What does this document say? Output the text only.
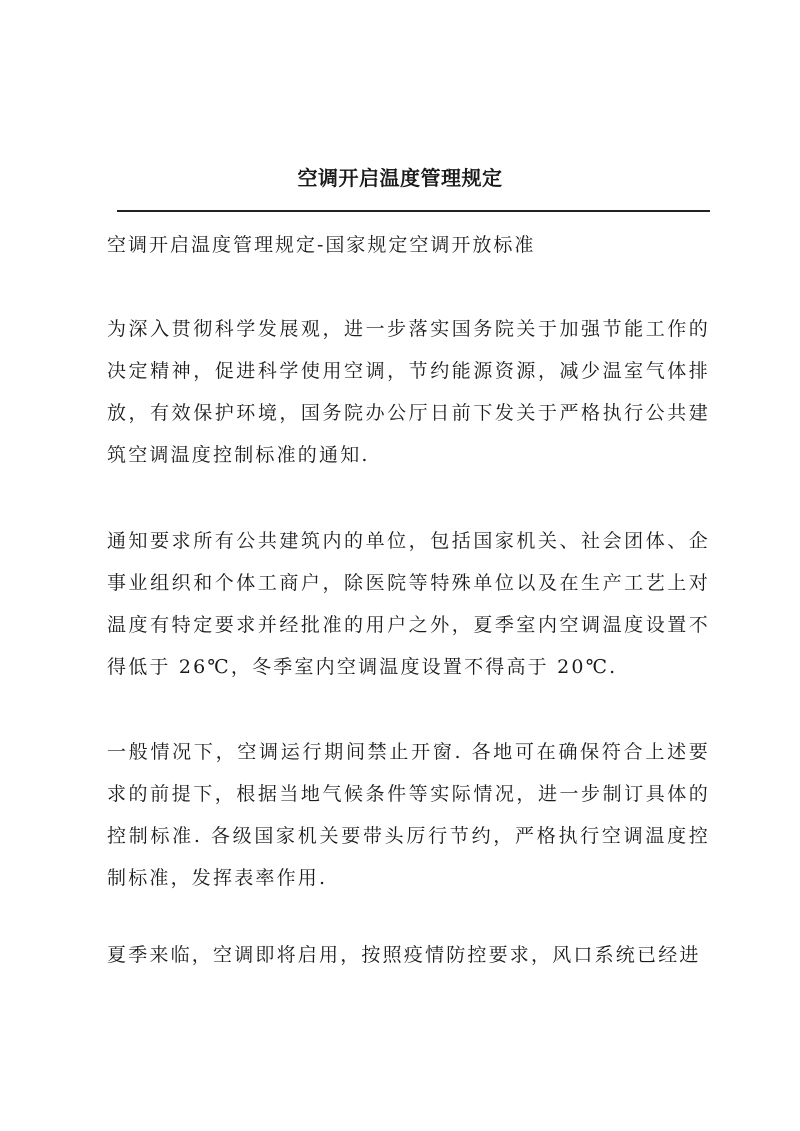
空调开启温度管理规定
空调开启温度管理规定-国家规定空调开放标准

为深入贯彻科学发展观，进一步落实国务院关于加强节能工作的决定精神，促进科学使用空调，节约能源资源，减少温室气体排放，有效保护环境，国务院办公厅日前下发关于严格执行公共建筑空调温度控制标准的通知.

通知要求所有公共建筑内的单位，包括国家机关、社会团体、企事业组织和个体工商户，除医院等特殊单位以及在生产工艺上对温度有特定要求并经批准的用户之外，夏季室内空调温度设置不得低于 26℃，冬季室内空调温度设置不得高于 20℃.

一般情况下，空调运行期间禁止开窗. 各地可在确保符合上述要求的前提下，根据当地气候条件等实际情况，进一步制订具体的控制标准. 各级国家机关要带头厉行节约，严格执行空调温度控制标准，发挥表率作用.

夏季来临，空调即将启用，按照疫情防控要求，风口系统已经进
